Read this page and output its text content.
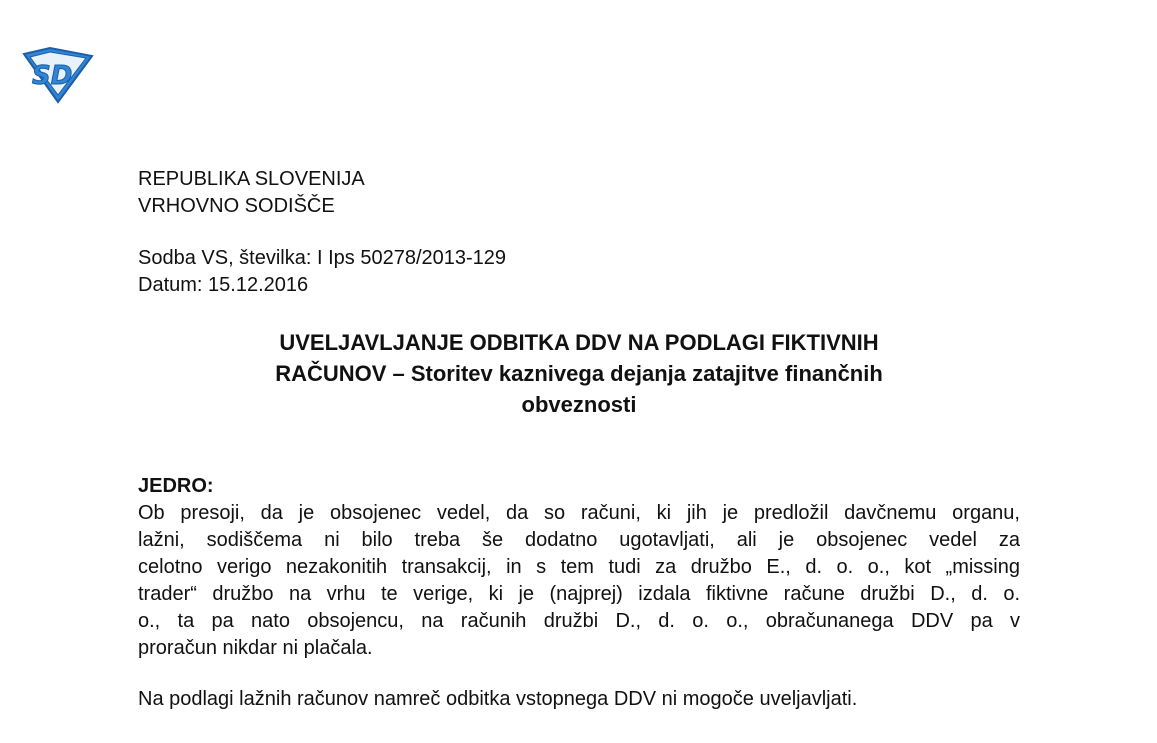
SD
REPUBLIKA SLOVENIJA
VRHOVNO SODIŠČE
Sodba VS, številka: I Ips 50278/2013-129
Datum: 15.12.2016
UVELJAVLJANJE ODBITKA DDV NA PODLAGI FIKTIVNIH
RAČUNOV – Storitev kaznivega dejanja zatajitve finančnih
obveznosti
JEDRO:
Ob presoji, da je obsojenec vedel, da so računi, ki jih je predložil davčnemu organu,
lažni, sodiščema ni bilo treba še dodatno ugotavljati, ali je obsojenec vedel za
celotno verigo nezakonitih transakcij, in s tem tudi za družbo E., d. o. o., kot „missing
trader“ družbo na vrhu te verige, ki je (najprej) izdala fiktivne račune družbi D., d. o.
o., ta pa nato obsojencu, na računih družbi D., d. o. o., obračunanega DDV pa v
proračun nikdar ni plačala.
Na podlagi lažnih računov namreč odbitka vstopnega DDV ni mogoče uveljavljati.
